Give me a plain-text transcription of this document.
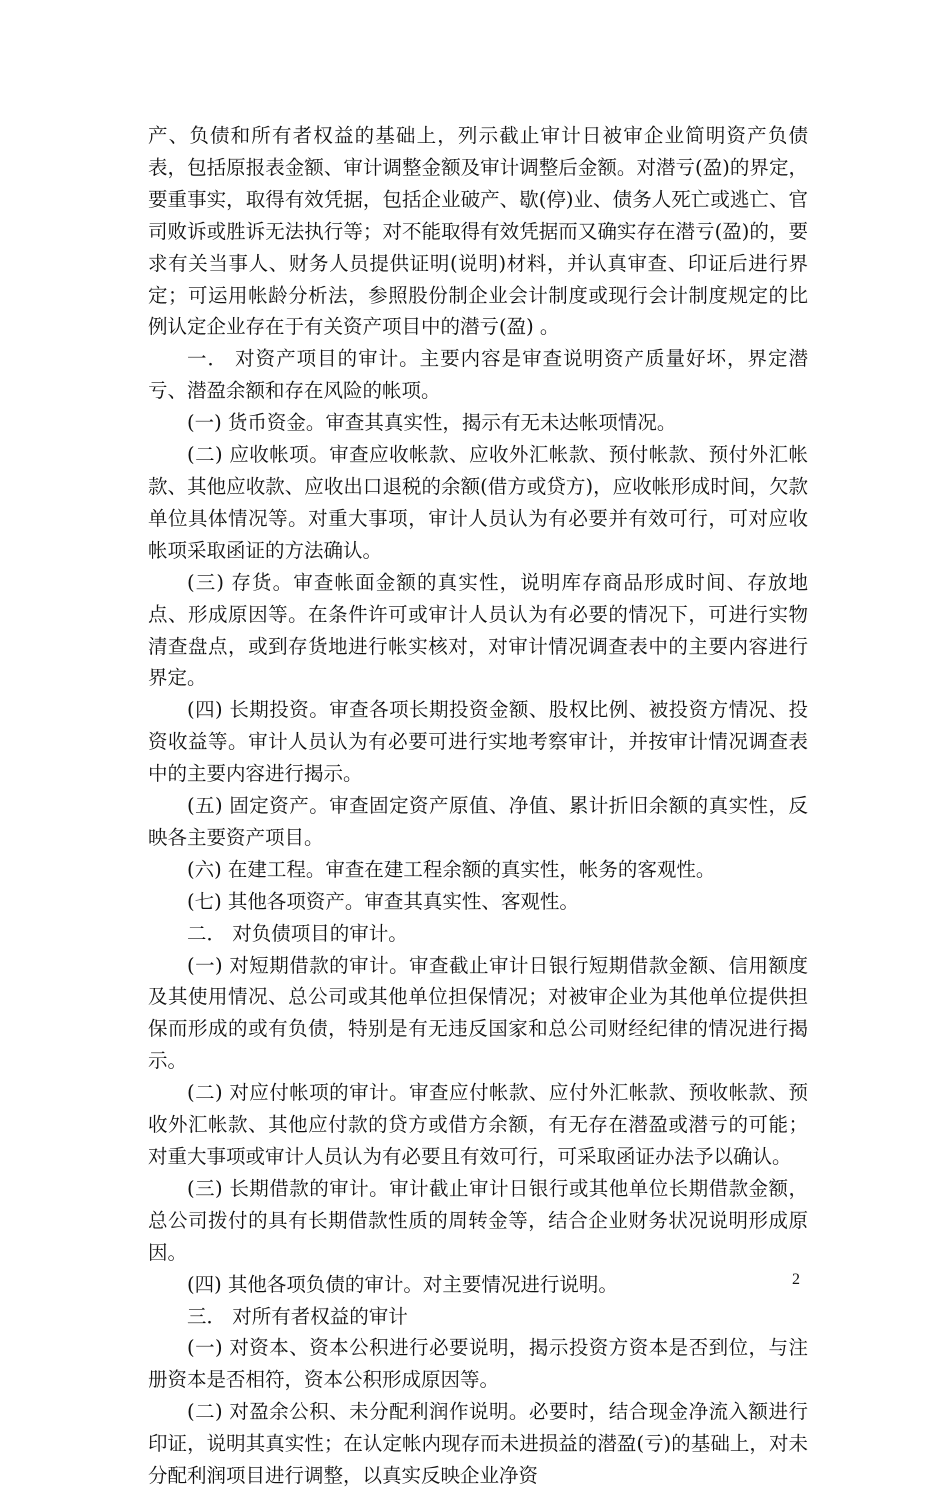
产、负债和所有者权益的基础上，列示截止审计日被审企业简明资产负债表，包括原报表金额、审计调整金额及审计调整后金额。对潜亏(盈)的界定，要重事实，取得有效凭据，包括企业破产、歇(停)业、债务人死亡或逃亡、官司败诉或胜诉无法执行等；对不能取得有效凭据而又确实存在潜亏(盈)的，要求有关当事人、财务人员提供证明(说明)材料，并认真审查、印证后进行界定；可运用帐龄分析法，参照股份制企业会计制度或现行会计制度规定的比例认定企业存在于有关资产项目中的潜亏(盈) 。

一． 对资产项目的审计。主要内容是审查说明资产质量好坏，界定潜亏、潜盈余额和存在风险的帐项。

(一) 货币资金。审查其真实性，揭示有无未达帐项情况。

(二) 应收帐项。审查应收帐款、应收外汇帐款、预付帐款、预付外汇帐款、其他应收款、应收出口退税的余额(借方或贷方)，应收帐形成时间，欠款单位具体情况等。对重大事项，审计人员认为有必要并有效可行，可对应收帐项采取函证的方法确认。

(三) 存货。审查帐面金额的真实性，说明库存商品形成时间、存放地点、形成原因等。在条件许可或审计人员认为有必要的情况下，可进行实物清查盘点，或到存货地进行帐实核对，对审计情况调查表中的主要内容进行界定。

(四) 长期投资。审查各项长期投资金额、股权比例、被投资方情况、投资收益等。审计人员认为有必要可进行实地考察审计，并按审计情况调查表中的主要内容进行揭示。

(五) 固定资产。审查固定资产原值、净值、累计折旧余额的真实性，反映各主要资产项目。

(六) 在建工程。审查在建工程余额的真实性，帐务的客观性。

(七) 其他各项资产。审查其真实性、客观性。

二． 对负债项目的审计。

(一) 对短期借款的审计。审查截止审计日银行短期借款金额、信用额度及其使用情况、总公司或其他单位担保情况；对被审企业为其他单位提供担保而形成的或有负债，特别是有无违反国家和总公司财经纪律的情况进行揭示。

(二) 对应付帐项的审计。审查应付帐款、应付外汇帐款、预收帐款、预收外汇帐款、其他应付款的贷方或借方余额，有无存在潜盈或潜亏的可能；对重大事项或审计人员认为有必要且有效可行，可采取函证办法予以确认。

(三) 长期借款的审计。审计截止审计日银行或其他单位长期借款金额，总公司拨付的具有长期借款性质的周转金等，结合企业财务状况说明形成原因。

(四) 其他各项负债的审计。对主要情况进行说明。

三． 对所有者权益的审计

(一) 对资本、资本公积进行必要说明，揭示投资方资本是否到位，与注册资本是否相符，资本公积形成原因等。

(二) 对盈余公积、未分配利润作说明。必要时，结合现金净流入额进行印证，说明其真实性；在认定帐内现存而未进损益的潜盈(亏)的基础上，对未分配利润项目进行调整，以真实反映企业净资

2
